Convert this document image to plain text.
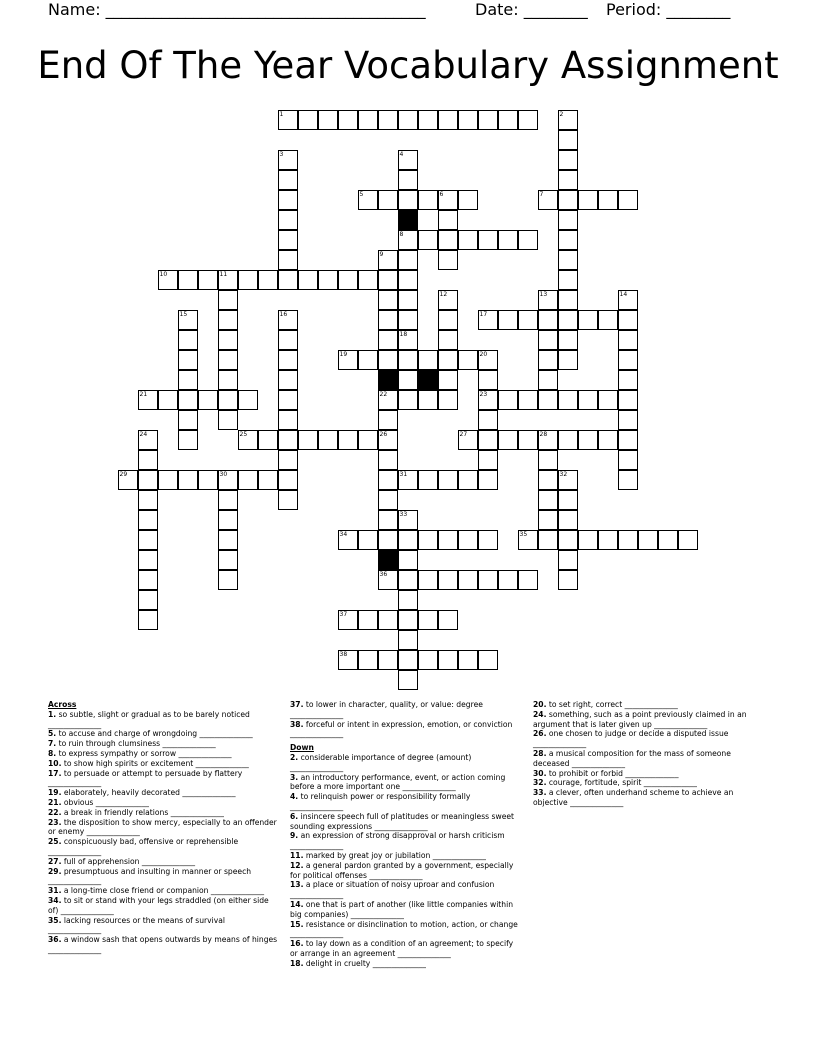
Name: ________________________________________	Date: ________ Period: ________
End Of The Year Vocabulary Assignment
1
5	6	7
8
10	11
17
19	20
21	22	23
25	27	28
29	30	31
34	35
36
37
38
2
3	4
9
26
12	13	14
15	16
18
24
32
33
Across
1. so subtle, slight or gradual as to be barely noticed ______________
5. to accuse and charge of wrongdoing ______________
7. to ruin through clumsiness ______________
8. to express sympathy or sorrow ______________
10. to show high spirits or excitement ______________
17. to persuade or attempt to persuade by flattery ______________
19. elaborately, heavily decorated ______________
21. obvious ______________
22. a break in friendly relations ______________
23. the disposition to show mercy, especially to an offender or enemy ______________
25. conspicuously bad, offensive or reprehensible ______________
27. full of apprehension ______________
29. presumptuous and insulting in manner or speech ______________
31. a long-time close friend or companion ______________
34. to sit or stand with your legs straddled (on either side of) ______________
35. lacking resources or the means of survival ______________
36. a window sash that opens outwards by means of hinges ______________
37. to lower in character, quality, or value: degree ______________
38. forceful or intent in expression, emotion, or conviction ______________
Down
2. considerable importance of degree (amount) ______________
3. an introductory performance, event, or action coming before a more important one ______________
4. to relinquish power or responsibility formally ______________
6. insincere speech full of platitudes or meaningless sweet sounding expressions ______________
9. an expression of strong disapproval or harsh criticism ______________
11. marked by great joy or jubilation ______________
12. a general pardon granted by a government, especially for political offenses ______________
13. a place or situation of noisy uproar and confusion ______________
14. one that is part of another (like little companies within big companies) ______________
15. resistance or disinclination to motion, action, or change ______________
16. to lay down as a condition of an agreement; to specify or arrange in an agreement ______________
18. delight in cruelty ______________
20. to set right, correct ______________
24. something, such as a point previously claimed in an argument that is later given up ______________
26. one chosen to judge or decide a disputed issue ______________
28. a musical composition for the mass of someone deceased ______________
30. to prohibit or forbid ______________
32. courage, fortitude, spirit ______________
33. a clever, often underhand scheme to achieve an objective ______________
